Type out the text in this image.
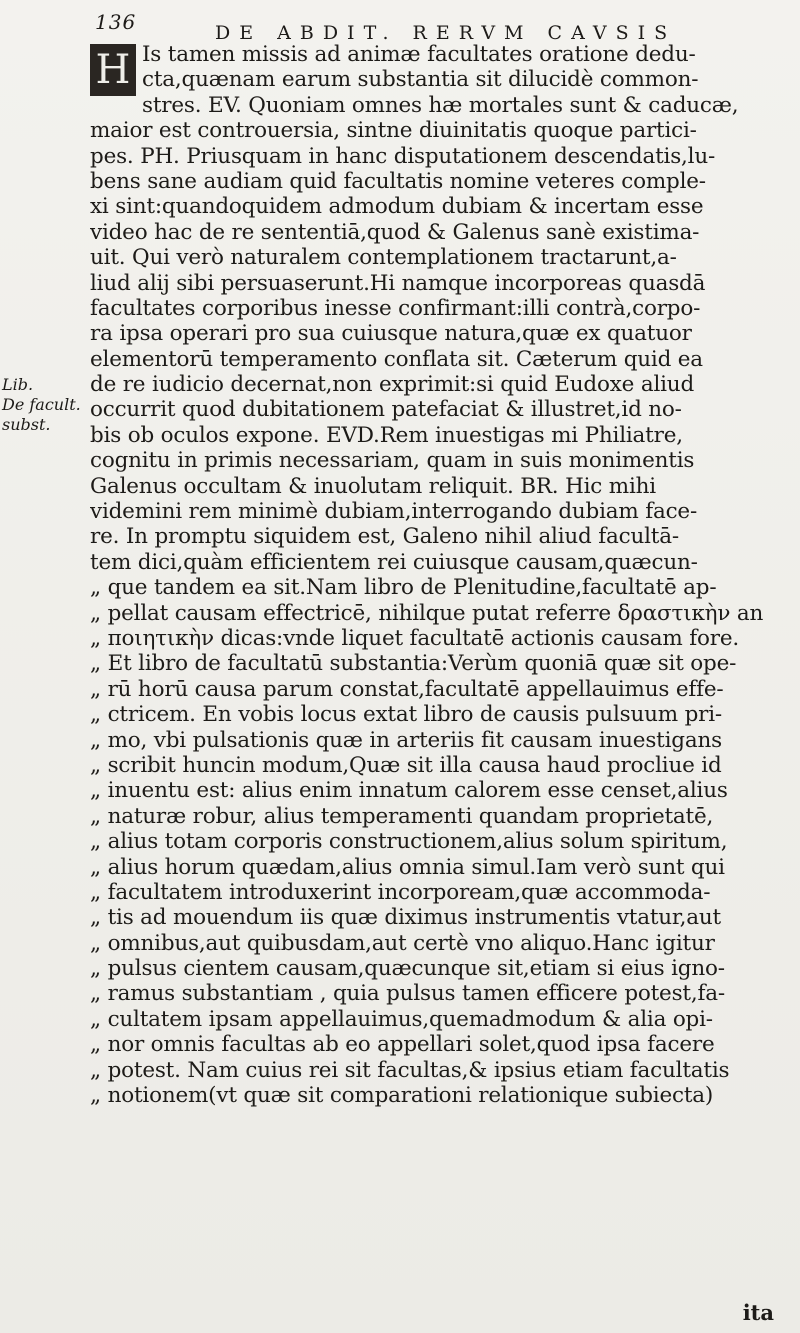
136	DE ABDIT. RERVM CAVSIS
Lib.
De facult.
subst.
H Is tamen missis ad animæ facultates oratione dedu-
cta,quænam earum substantia sit dilucidè common-
stres. EV. Quoniam omnes hæ mortales sunt & caducæ,
maior est controuersia, sintne diuinitatis quoque partici-
pes. PH. Priusquam in hanc disputationem descendatis,lu-
bens sane audiam quid facultatis nomine veteres comple-
xi sint:quandoquidem admodum dubiam & incertam esse
video hac de re sententiā,quod & Galenus sanè existima-
uit. Qui verò naturalem contemplationem tractarunt,a-
liud alij sibi persuaserunt.Hi namque incorporeas quasdā
facultates corporibus inesse confirmant:illi contrà,corpo-
ra ipsa operari pro sua cuiusque natura,quæ ex quatuor
elementorū temperamento conflata sit. Cæterum quid ea
de re iudicio decernat,non exprimit:si quid Eudoxe aliud
occurrit quod dubitationem patefaciat & illustret,id no-
bis ob oculos expone. EVD.Rem inuestigas mi Philiatre,
cognitu in primis necessariam, quam in suis monimentis
Galenus occultam & inuolutam reliquit. BR. Hic mihi
videmini rem minimè dubiam,interrogando dubiam face-
re. In promptu siquidem est, Galeno nihil aliud facultā-
tem dici,quàm efficientem rei cuiusque causam,quæcun-
„ que tandem ea sit.Nam libro de Plenitudine,facultatē ap-
„ pellat causam effectricē, nihilque putat referre δραστικὴν an
„ ποιητικὴν dicas:vnde liquet facultatē actionis causam fore.
„ Et libro de facultatū substantia:Verùm quoniā quæ sit ope-
„ rū horū causa parum constat,facultatē appellauimus effe-
„ ctricem. En vobis locus extat libro de causis pulsuum pri-
„ mo, vbi pulsationis quæ in arteriis fit causam inuestigans
„ scribit huncin modum,Quæ sit illa causa haud procliue id
„ inuentu est: alius enim innatum calorem esse censet,alius
„ naturæ robur, alius temperamenti quandam proprietatē,
„ alius totam corporis constructionem,alius solum spiritum,
„ alius horum quædam,alius omnia simul.Iam verò sunt qui
„ facultatem introduxerint incorpoream,quæ accommoda-
„ tis ad mouendum iis quæ diximus instrumentis vtatur,aut
„ omnibus,aut quibusdam,aut certè vno aliquo.Hanc igitur
„ pulsus cientem causam,quæcunque sit,etiam si eius igno-
„ ramus substantiam , quia pulsus tamen efficere potest,fa-
„ cultatem ipsam appellauimus,quemadmodum & alia opi-
„ nor omnis facultas ab eo appellari solet,quod ipsa facere
„ potest. Nam cuius rei sit facultas,& ipsius etiam facultatis
„ notionem(vt quæ sit comparationi relationique subiecta)
ita
